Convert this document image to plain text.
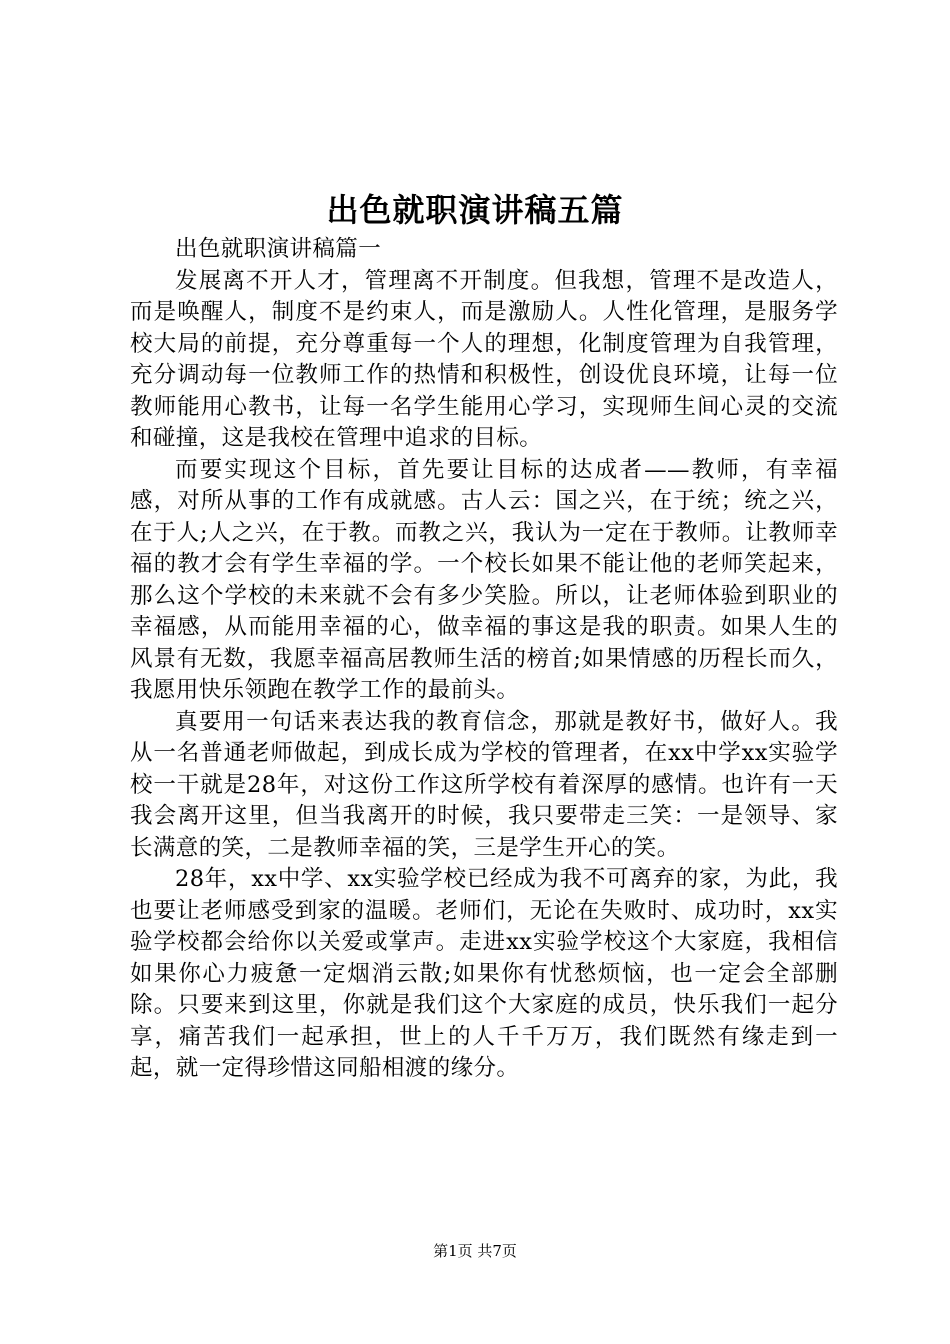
出色就职演讲稿五篇

出色就职演讲稿篇一

发展离不开人才，管理离不开制度。但我想，管理不是改造人，而是唤醒人，制度不是约束人，而是激励人。人性化管理，是服务学校大局的前提，充分尊重每一个人的理想，化制度管理为自我管理，充分调动每一位教师工作的热情和积极性，创设优良环境，让每一位教师能用心教书，让每一名学生能用心学习，实现师生间心灵的交流和碰撞，这是我校在管理中追求的目标。

而要实现这个目标，首先要让目标的达成者——教师，有幸福感，对所从事的工作有成就感。古人云：国之兴，在于统；统之兴，在于人;人之兴，在于教。而教之兴，我认为一定在于教师。让教师幸福的教才会有学生幸福的学。一个校长如果不能让他的老师笑起来，那么这个学校的未来就不会有多少笑脸。所以，让老师体验到职业的幸福感，从而能用幸福的心，做幸福的事这是我的职责。如果人生的风景有无数，我愿幸福高居教师生活的榜首;如果情感的历程长而久，我愿用快乐领跑在教学工作的最前头。

真要用一句话来表达我的教育信念，那就是教好书，做好人。我从一名普通老师做起，到成长成为学校的管理者，在xx中学xx实验学校一干就是28年，对这份工作这所学校有着深厚的感情。也许有一天我会离开这里，但当我离开的时候，我只要带走三笑：一是领导、家长满意的笑，二是教师幸福的笑，三是学生开心的笑。

28年，xx中学、xx实验学校已经成为我不可离弃的家，为此，我也要让老师感受到家的温暖。老师们，无论在失败时、成功时，xx实验学校都会给你以关爱或掌声。走进xx实验学校这个大家庭，我相信如果你心力疲惫一定烟消云散;如果你有忧愁烦恼，也一定会全部删除。只要来到这里，你就是我们这个大家庭的成员，快乐我们一起分享，痛苦我们一起承担，世上的人千千万万，我们既然有缘走到一起，就一定得珍惜这同船相渡的缘分。

第1页 共7页
